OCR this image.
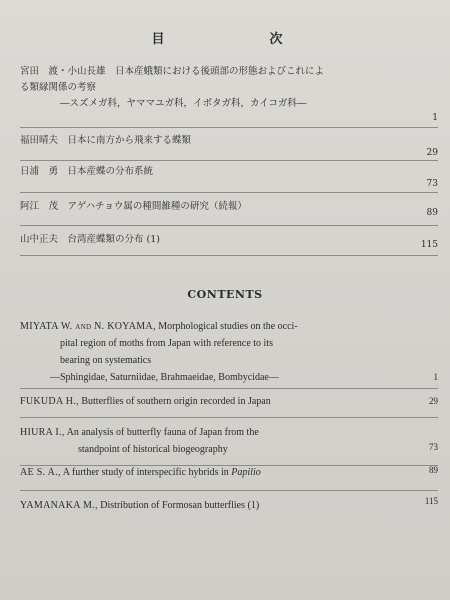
目　次
宮田　渡・小山長雄　 日本産蛾類における後頭部の形態およびこれによ
る類縁関係の考察
―スズメガ科，ヤママユガ科，イボタガ科，カイコガ科―
1
福田晴夫　 日本に南方から飛来する蝶類
29
日浦　勇　 日本産蝶の分布系統
73
阿江　茂　 アゲハチョウ属の種間雑種の研究（続報）
89
山中正夫　 台湾産蝶類の分布 (1)	115
CONTENTS
MIYATA W. and N. KOYAMA, Morphological studies on the occi-
pital region of moths from Japan with reference to its
bearing on systematics
—Sphingidae, Saturniidae, Brahmaeidae, Bombycidae—	1
FUKUDA H., Butterflies of southern origin recorded in Japan	29
HIURA I., An analysis of butterfly fauna of Japan from the
standpoint of historical biogeography	73
AE S. A., A further study of interspecific hybrids in Papilio	89
YAMANAKA M., Distribution of Formosan butterflies (1)	115
